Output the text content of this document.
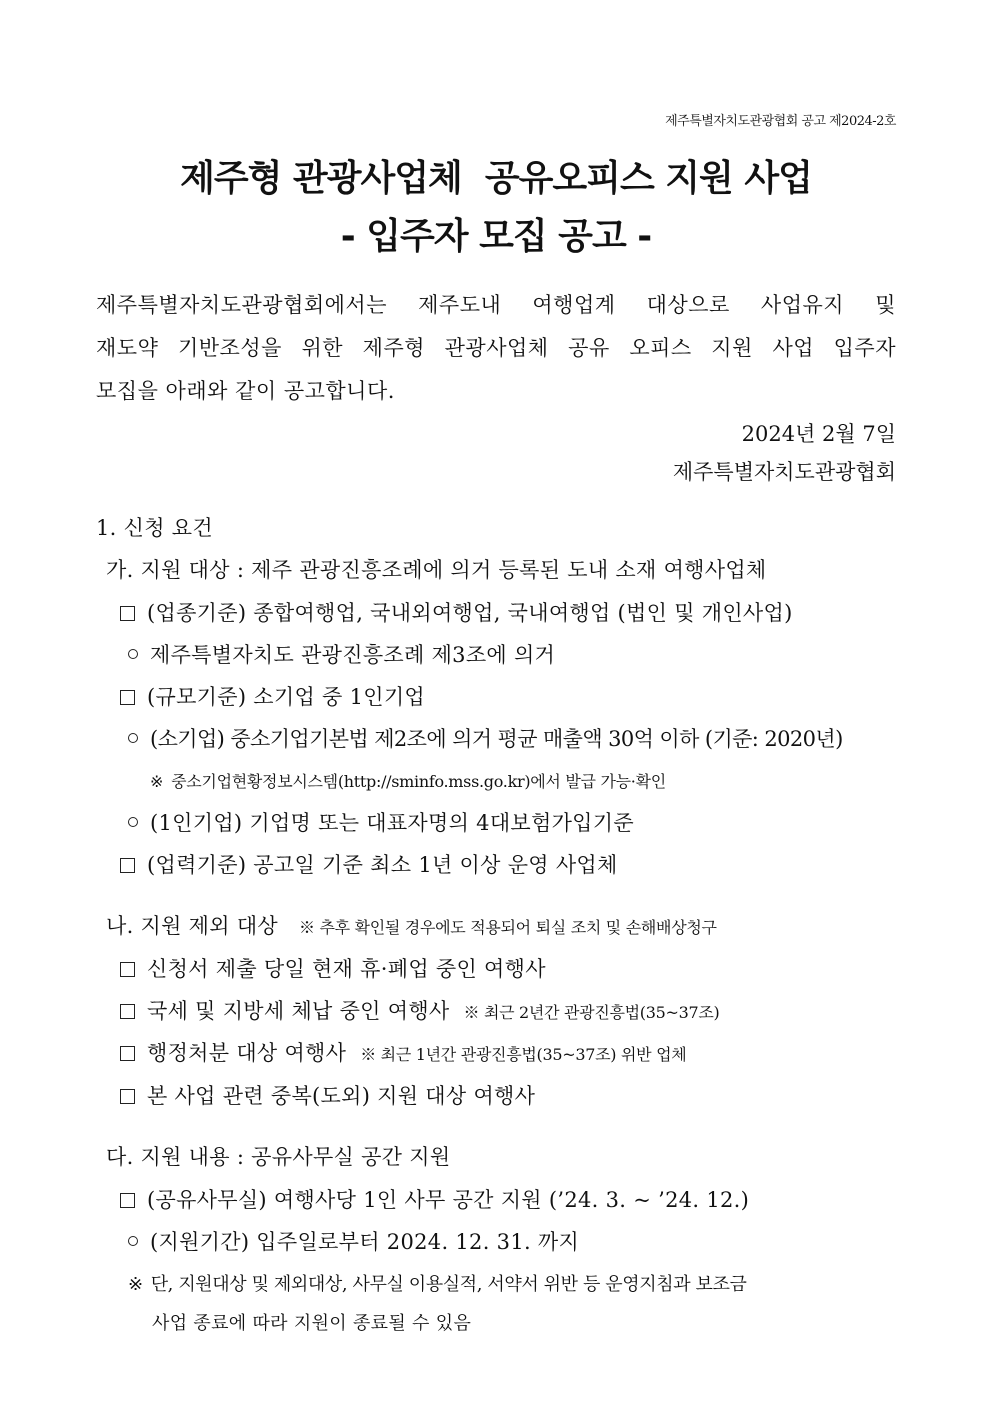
제주특별자치도관광협회 공고 제2024-2호
제주형 관광사업체  공유오피스 지원 사업
- 입주자 모집 공고 -
제주특별자치도관광협회에서는 제주도내 여행업계 대상으로 사업유지 및
재도약 기반조성을 위한 제주형 관광사업체 공유 오피스 지원 사업 입주자
모집을 아래와 같이 공고합니다.
2024년 2월 7일
제주특별자치도관광협회
1. 신청 요건
가. 지원 대상 : 제주 관광진흥조례에 의거 등록된 도내 소재 여행사업체
(업종기준) 종합여행업, 국내외여행업, 국내여행업 (법인 및 개인사업)
제주특별자치도 관광진흥조례 제3조에 의거
(규모기준) 소기업 중 1인기업
(소기업) 중소기업기본법 제2조에 의거 평균 매출액 30억 이하 (기준: 2020년)
※ 중소기업현황정보시스템(http://sminfo.mss.go.kr)에서 발급 가능·확인
(1인기업) 기업명 또는 대표자명의 4대보험가입기준
(업력기준) 공고일 기준 최소 1년 이상 운영 사업체
나. 지원 제외 대상 ※ 추후 확인될 경우에도 적용되어 퇴실 조치 및 손해배상청구
신청서 제출 당일 현재 휴·폐업 중인 여행사
국세 및 지방세 체납 중인 여행사 ※ 최근 2년간 관광진흥법(35~37조)
행정처분 대상 여행사 ※ 최근 1년간 관광진흥법(35~37조) 위반 업체
본 사업 관련 중복(도외) 지원 대상 여행사
다. 지원 내용 : 공유사무실 공간 지원
(공유사무실) 여행사당 1인 사무 공간 지원 (’24. 3. ~ ’24. 12.)
(지원기간) 입주일로부터 2024. 12. 31. 까지
※ 단, 지원대상 및 제외대상, 사무실 이용실적, 서약서 위반 등 운영지침과 보조금
사업 종료에 따라 지원이 종료될 수 있음
